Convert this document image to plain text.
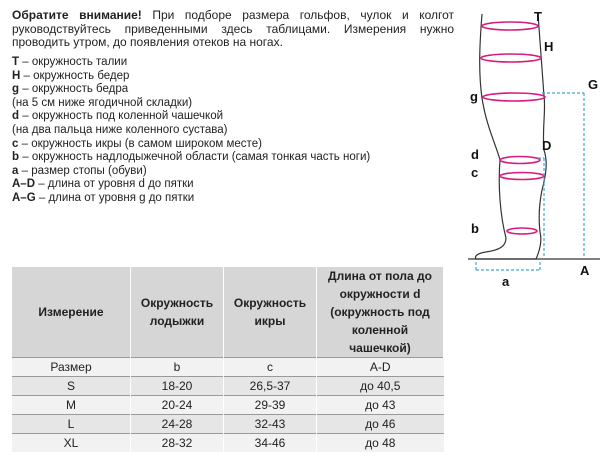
Обратите внимание! При подборе размера гольфов, чулок и колгот руководствуйтесь приведенными здесь таблицами. Измерения нужно проводить утром, до появления отеков на ногах.

T – окружность талии
H – окружность бедер
g – окружность бедра
(на 5 см ниже ягодичной складки)
d – окружность под коленной чашечкой
(на два пальца ниже коленного сустава)
c – окружность икры (в самом широком месте)
b – окружность надлодыжечной области (самая тонкая часть ноги)
a – размер стопы (обуви)
A–D – длина от уровня d до пятки
A–G – длина от уровня g до пятки
T
H
G
g
D
d
c
b
a
A
Измерение	Окружность лодыжки	Окружность икры	Длина от пола до окружности d (окружность под коленной чашечкой)
Размер	b	c	A-D
S	18-20	26,5-37	до 40,5
M	20-24	29-39	до 43
L	24-28	32-43	до 46
XL	28-32	34-46	до 48
